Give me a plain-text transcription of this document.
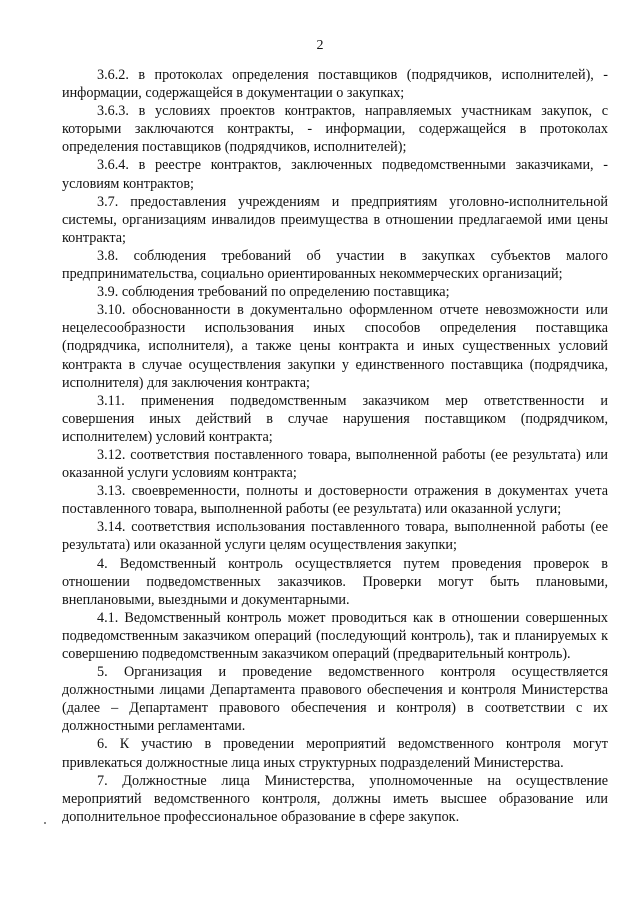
2

3.6.2. в протоколах определения поставщиков (подрядчиков, исполнителей), - информации, содержащейся в документации о закупках;

3.6.3. в условиях проектов контрактов, направляемых участникам закупок, с которыми заключаются контракты, - информации, содержащейся в протоколах определения поставщиков (подрядчиков, исполнителей);

3.6.4. в реестре контрактов, заключенных подведомственными заказчиками, - условиям контрактов;

3.7. предоставления учреждениям и предприятиям уголовно-исполнительной системы, организациям инвалидов преимущества в отношении предлагаемой ими цены контракта;

3.8. соблюдения требований об участии в закупках субъектов малого предпринимательства, социально ориентированных некоммерческих организаций;

3.9. соблюдения требований по определению поставщика;

3.10. обоснованности в документально оформленном отчете невозможности или нецелесообразности использования иных способов определения поставщика (подрядчика, исполнителя), а также цены контракта и иных существенных условий контракта в случае осуществления закупки у единственного поставщика (подрядчика, исполнителя) для заключения контракта;

3.11. применения подведомственным заказчиком мер ответственности и совершения иных действий в случае нарушения поставщиком (подрядчиком, исполнителем) условий контракта;

3.12. соответствия поставленного товара, выполненной работы (ее результата) или оказанной услуги условиям контракта;

3.13. своевременности, полноты и достоверности отражения в документах учета поставленного товара, выполненной работы (ее результата) или оказанной услуги;

3.14. соответствия использования поставленного товара, выполненной работы (ее результата) или оказанной услуги целям осуществления закупки;

4. Ведомственный контроль осуществляется путем проведения проверок в отношении подведомственных заказчиков. Проверки могут быть плановыми, внеплановыми, выездными и документарными.

4.1. Ведомственный контроль может проводиться как в отношении совершенных подведомственным заказчиком операций (последующий контроль), так и планируемых к совершению подведомственным заказчиком операций (предварительный контроль).

5. Организация и проведение ведомственного контроля осуществляется должностными лицами Департамента правового обеспечения и контроля Министерства (далее – Департамент правового обеспечения и контроля) в соответствии с их должностными регламентами.

6. К участию в проведении мероприятий ведомственного контроля могут привлекаться должностные лица иных структурных подразделений Министерства.

7. Должностные лица Министерства, уполномоченные на осуществление мероприятий ведомственного контроля, должны иметь высшее образование или дополнительное профессиональное образование в сфере закупок.
